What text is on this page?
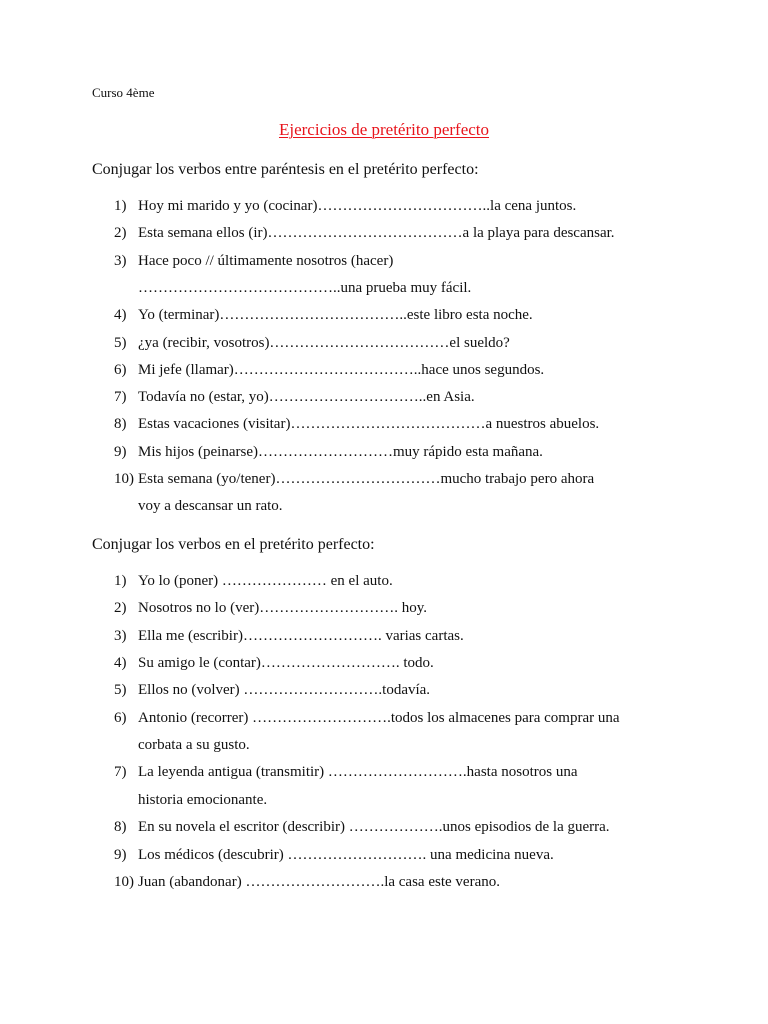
Curso 4ème
Ejercicios de pretérito perfecto
Conjugar los verbos entre paréntesis en el pretérito perfecto:
1) Hoy mi marido y yo (cocinar)……………………………..la cena juntos.
2) Esta semana ellos (ir)…………………………………a la playa para descansar.
3) Hace poco // últimamente nosotros (hacer)
…………………………………..una prueba muy fácil.
4) Yo (terminar)………………………………..este libro esta noche.
5) ¿ya (recibir, vosotros)………………………………el sueldo?
6) Mi jefe (llamar)………………………………..hace unos segundos.
7) Todavía no (estar, yo)…………………………..en Asia.
8) Estas vacaciones (visitar)…………………………………a nuestros abuelos.
9) Mis hijos (peinarse)………………………muy rápido esta mañana.
10) Esta semana (yo/tener)……………………………mucho trabajo pero ahora
voy a descansar un rato.
Conjugar los verbos en el pretérito perfecto:
1) Yo lo (poner) ………………… en el auto.
2) Nosotros no lo (ver)………………………. hoy.
3) Ella me (escribir)………………………. varias cartas.
4) Su amigo le (contar)………………………. todo.
5) Ellos no (volver) ……………………….todavía.
6) Antonio (recorrer) ……………………….todos los almacenes para comprar una
corbata a su gusto.
7) La leyenda antigua (transmitir) ……………………….hasta nosotros una
historia emocionante.
8) En su novela el escritor (describir) ……………….unos episodios de la guerra.
9) Los médicos (descubrir) ………………………. una medicina nueva.
10) Juan (abandonar) ……………………….la casa este verano.
